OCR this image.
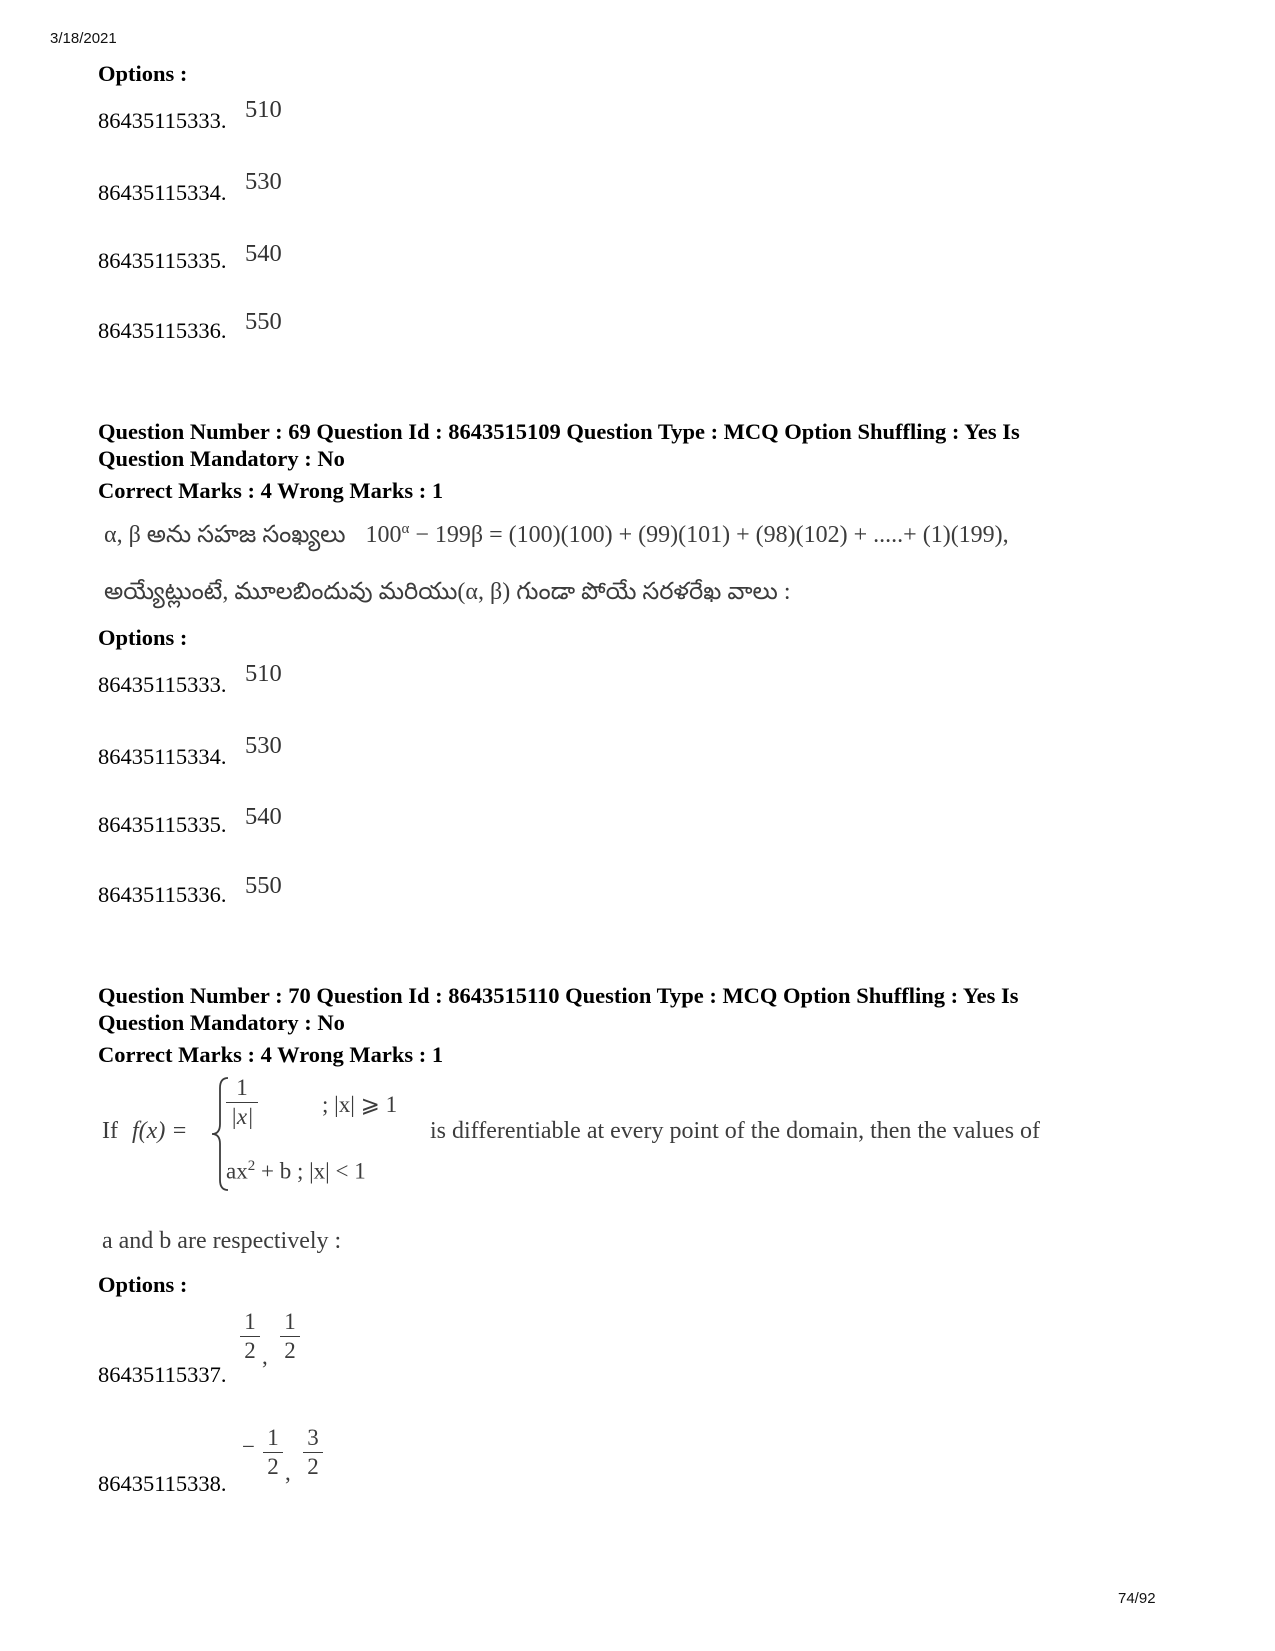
3/18/2021
Options :
86435115333. 510
86435115334. 530
86435115335. 540
86435115336. 550
Question Number : 69 Question Id : 8643515109 Question Type : MCQ Option Shuffling : Yes Is
Question Mandatory : No
Correct Marks : 4 Wrong Marks : 1
α, β అను సహజ సంఖ్యలు $100^\alpha - 199\beta = (100)(100) + (99)(101) + (98)(102)$ + .....+ (1)(199),
అయ్యేట్లుంటే, మూలబిందువు మరియు(α, β) గుండా పోయే సరళరేఖ వాలు :
Options :
86435115333. 510
86435115334. 530
86435115335. 540
86435115336. 550
Question Number : 70 Question Id : 8643515110 Question Type : MCQ Option Shuffling : Yes Is
Question Mandatory : No
Correct Marks : 4 Wrong Marks : 1
If f(x) =
1
|x|	; |x| ⩾ 1
$ax^2 + b$ ; |x| < 1
is differentiable at every point of the domain, then the values of
a and b are respectively :
Options :
86435115337.
1
2 ,
1
2
86435115338.
− 1
2 ,
3
2
74/92
